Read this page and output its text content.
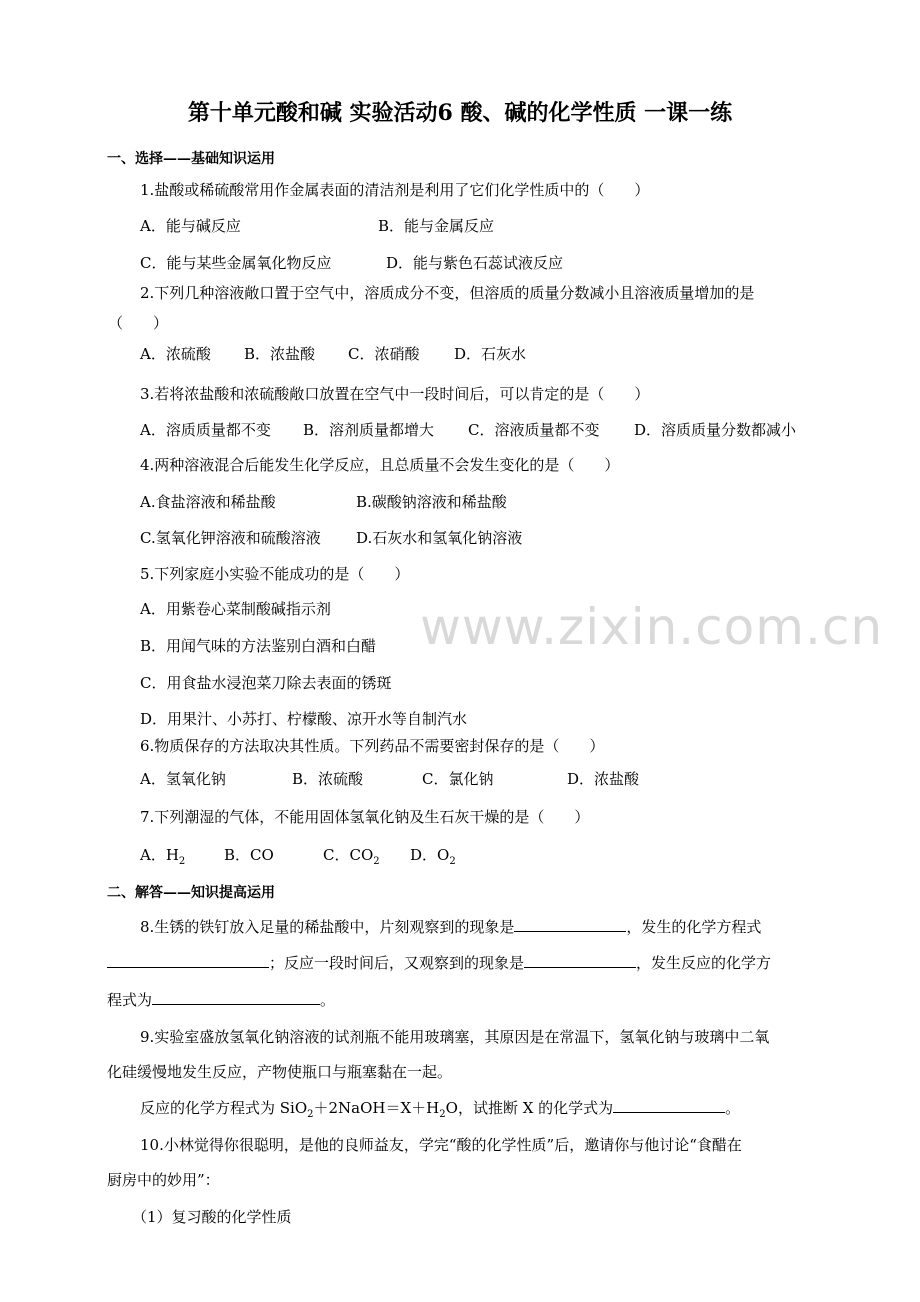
第十单元酸和碱 实验活动6 酸、碱的化学性质 一课一练
一、选择——基础知识运用
1.盐酸或稀硫酸常用作金属表面的清洁剂是利用了它们化学性质中的（　　）
A．能与碱反应	B．能与金属反应
C．能与某些金属氧化物反应	D．能与紫色石蕊试液反应
2.下列几种溶液敞口置于空气中，溶质成分不变，但溶质的质量分数减小且溶液质量增加的是
（　　）
A．浓硫酸 B．浓盐酸 C．浓硝酸 D．石灰水
3.若将浓盐酸和浓硫酸敞口放置在空气中一段时间后，可以肯定的是（　　）
A．溶质质量都不变 B．溶剂质量都增大 C．溶液质量都不变 D．溶质质量分数都减小
4.两种溶液混合后能发生化学反应，且总质量不会发生变化的是（　　）
A.食盐溶液和稀盐酸	B.碳酸钠溶液和稀盐酸
C.氢氧化钾溶液和硫酸溶液 D.石灰水和氢氧化钠溶液
5.下列家庭小实验不能成功的是（　　）
A．用紫卷心菜制酸碱指示剂
B．用闻气味的方法鉴别白酒和白醋
C．用食盐水浸泡菜刀除去表面的锈斑
D．用果汁、小苏打、柠檬酸、凉开水等自制汽水
6.物质保存的方法取决其性质。下列药品不需要密封保存的是（　　）
A．氢氧化钠	B．浓硫酸	C．氯化钠	D．浓盐酸
7.下列潮湿的气体，不能用固体氢氧化钠及生石灰干燥的是（　　）
A．$H_2$	B．CO	C．$CO_2$ D．$O_2$
二、解答——知识提高运用
8.生锈的铁钉放入足量的稀盐酸中，片刻观察到的现象是	，发生的化学方程式
；反应一段时间后，又观察到的现象是	，发生反应的化学方
程式为	。
9.实验室盛放氢氧化钠溶液的试剂瓶不能用玻璃塞，其原因是在常温下，氢氧化钠与玻璃中二氧
化硅缓慢地发生反应，产物使瓶口与瓶塞黏在一起。
反应的化学方程式为 $SiO_2+2NaOH=X+H_2O$，试推断 X 的化学式为	。
10.小林觉得你很聪明，是他的良师益友，学完“酸的化学性质”后，邀请你与他讨论“食醋在
厨房中的妙用”：
（1）复习酸的化学性质
www.zixin.com.cn
